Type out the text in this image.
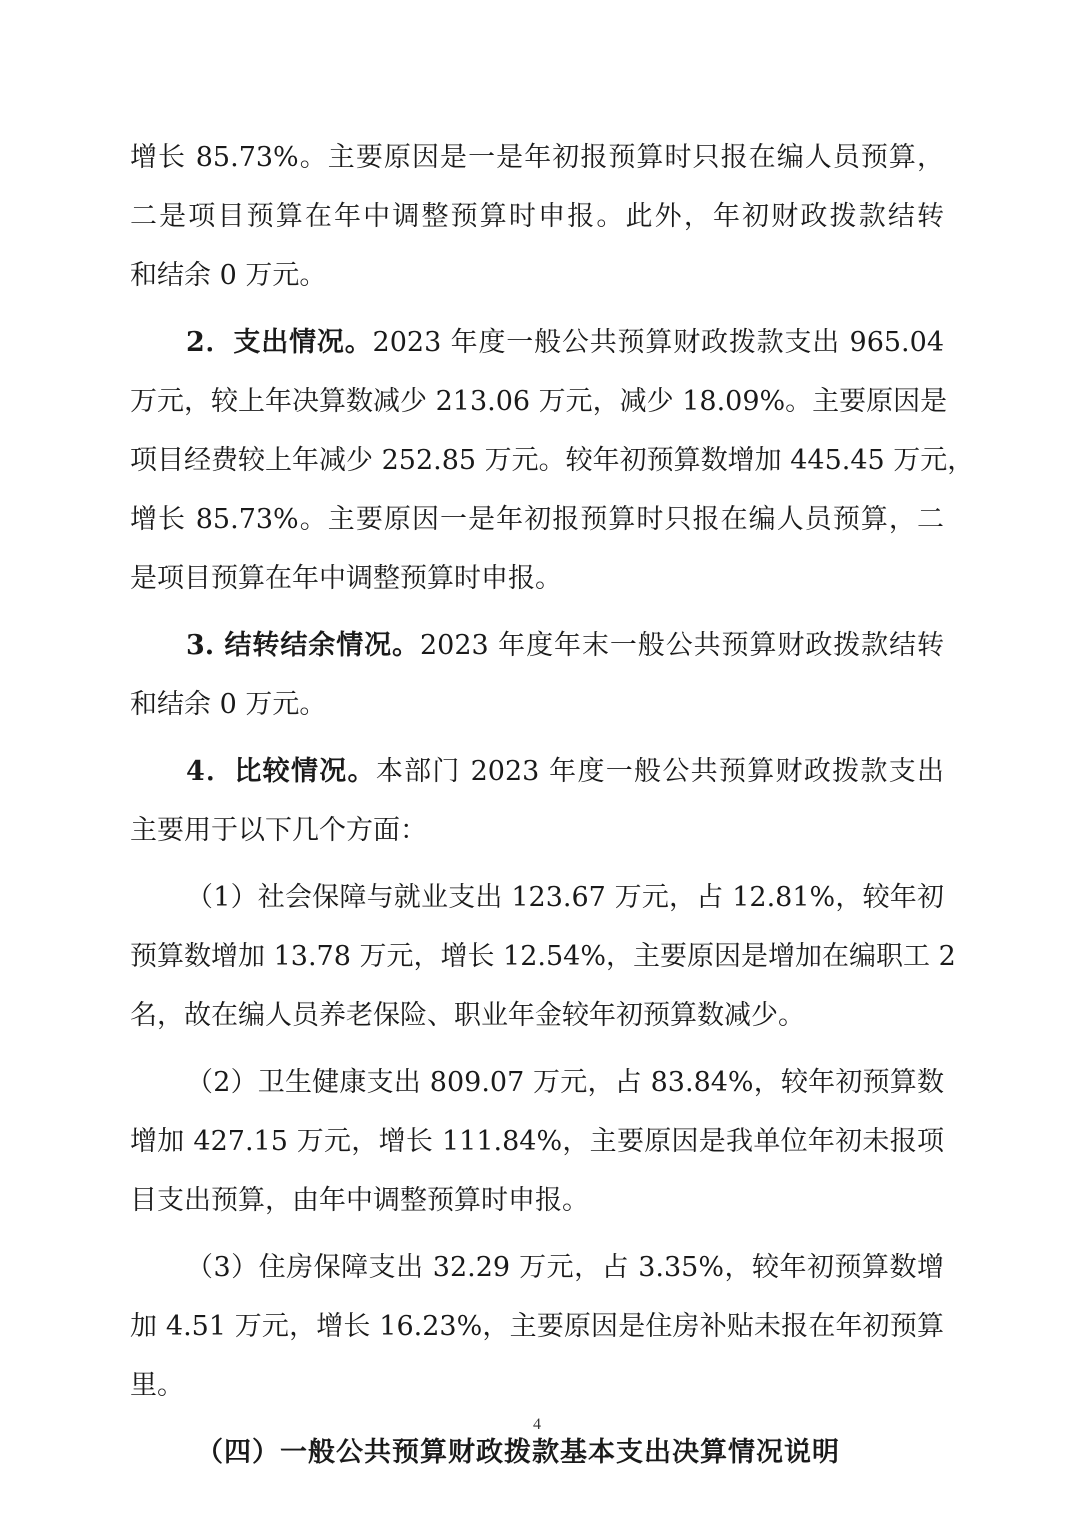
增长 85.73%。主要原因是一是年初报预算时只报在编人员预算，
二是项目预算在年中调整预算时申报。此外，年初财政拨款结转
和结余 0 万元。
2．支出情况。2023 年度一般公共预算财政拨款支出 965.04
万元，较上年决算数减少 213.06 万元，减少 18.09%。主要原因是
项目经费较上年减少 252.85 万元。较年初预算数增加 445.45 万元，
增长 85.73%。主要原因一是年初报预算时只报在编人员预算，二
是项目预算在年中调整预算时申报。
3. 结转结余情况。2023 年度年末一般公共预算财政拨款结转
和结余 0 万元。
4．比较情况。本部门 2023 年度一般公共预算财政拨款支出
主要用于以下几个方面：
（1）社会保障与就业支出 123.67 万元，占 12.81%，较年初
预算数增加 13.78 万元，增长 12.54%，主要原因是增加在编职工 2
名，故在编人员养老保险、职业年金较年初预算数减少。
（2）卫生健康支出 809.07 万元，占 83.84%，较年初预算数
增加 427.15 万元，增长 111.84%，主要原因是我单位年初未报项
目支出预算，由年中调整预算时申报。
（3）住房保障支出 32.29 万元，占 3.35%，较年初预算数增
加 4.51 万元，增长 16.23%，主要原因是住房补贴未报在年初预算
里。
（四）一般公共预算财政拨款基本支出决算情况说明
4
